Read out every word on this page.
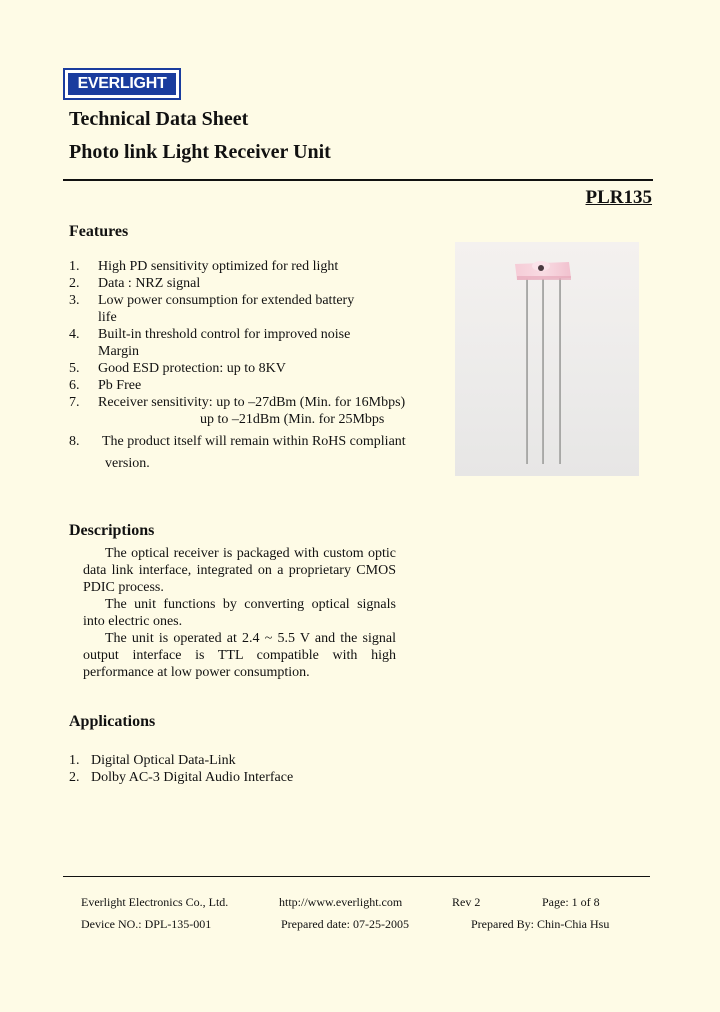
EVERLIGHT
Technical Data Sheet
Photo link Light Receiver Unit
PLR135
Features
1.	High PD sensitivity optimized for red light
2.	Data : NRZ signal
3.	Low power consumption for extended battery
life
4.	Built-in threshold control for improved noise
Margin
5.	Good ESD protection: up to 8KV
6.	Pb Free
7.	Receiver sensitivity: up to –27dBm (Min. for 16Mbps)
up to –21dBm (Min. for 25Mbps
8.	The product itself will remain within RoHS compliant
version.
Descriptions

The optical receiver is packaged with custom optic data link interface, integrated on a proprietary CMOS PDIC process.

The unit functions by converting optical signals into electric ones.

The unit is operated at 2.4 ~ 5.5 V and the signal output interface is TTL compatible with high performance at low power consumption.

Applications
1. Digital Optical Data-Link
2. Dolby AC-3 Digital Audio Interface
Everlight Electronics Co., Ltd.	http://www.everlight.com	Rev 2	Page: 1 of 8
Device NO.: DPL-135-001	Prepared date: 07-25-2005	Prepared By: Chin-Chia Hsu
